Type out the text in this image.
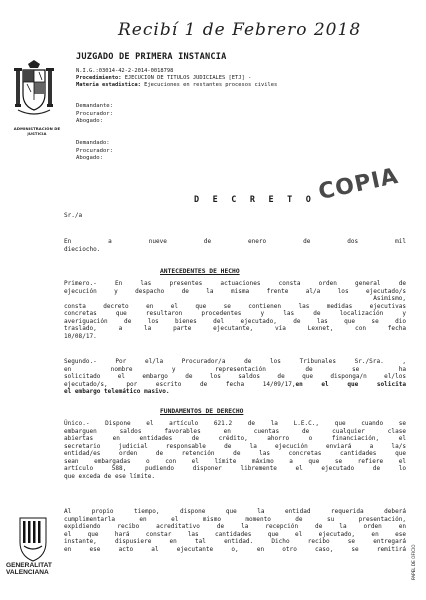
Recibí 1 de Febrero 2018
ADMINISTRACIÓN DE JUSTICIA
JUZGADO DE PRIMERA INSTANCIA
N.I.G.:03014-42-2-2014-0018798
Procedimiento: EJECUCION DE TITULOS JUDICIALES [ETJ] -
Materia estadistica: Ejecuciones en restantes procesos civiles
Demandante:
Procurador:
Abogado:
Demandado:
Procurador:
Abogado:
COPIA
D E C R E T O
Sr./a
En a nueve de enero de dos mil
dieciocho.
ANTECEDENTES DE HECHO
Primero.- En las presentes actuaciones consta orden general de
ejecución y despacho de la misma frente al/a los ejecutado/s
Asimismo,
consta decreto en el que se contienen las medidas ejecutivas
concretas que resultaron procedentes y las de localización y
averiguación de los bienes del ejecutado, de las que se dio
traslado, a la parte ejecutante, vía Lexnet, con fecha
10/08/17.
Segundo.- Por el/la Procurador/a de los Tribunales Sr./Sra. ,
en nombre y representación de se ha
solicitado el embargo de los saldos de que disponga/n el/los
ejecutado/s, por escrito de fecha 14/09/17,en el que solicita
el embargo telemático masivo.
FUNDAMENTOS DE DERECHO
Único.- Dispone el artículo 621.2 de la L.E.C., que cuando se
embarguen saldos favorables en cuentas de cualquier clase
abiertas en entidades de crédito, ahorro o financiación, el
secretario judicial responsable de la ejecución enviará a la/s
entidad/es orden de retención de las concretas cantidades que
sean embargadas o con el límite máximo a que se refiere el
artículo 588, pudiendo disponer libremente el ejecutado de lo
que exceda de ese límite.
Al propio tiempo, dispone que la entidad requerida deberá
cumplimentarla en el mismo momento de su presentación,
expidiendo recibo acreditativo de la recepción de la orden en
el que hará constar las cantidades que el ejecutado, en ese
instante, dispusiere en tal entidad. Dicho recibo se entregará
en ese acto al ejecutante o, en otro caso, se remitirá
GENERALITAT
VALENCIANA	PAPEL DE OFICIO
